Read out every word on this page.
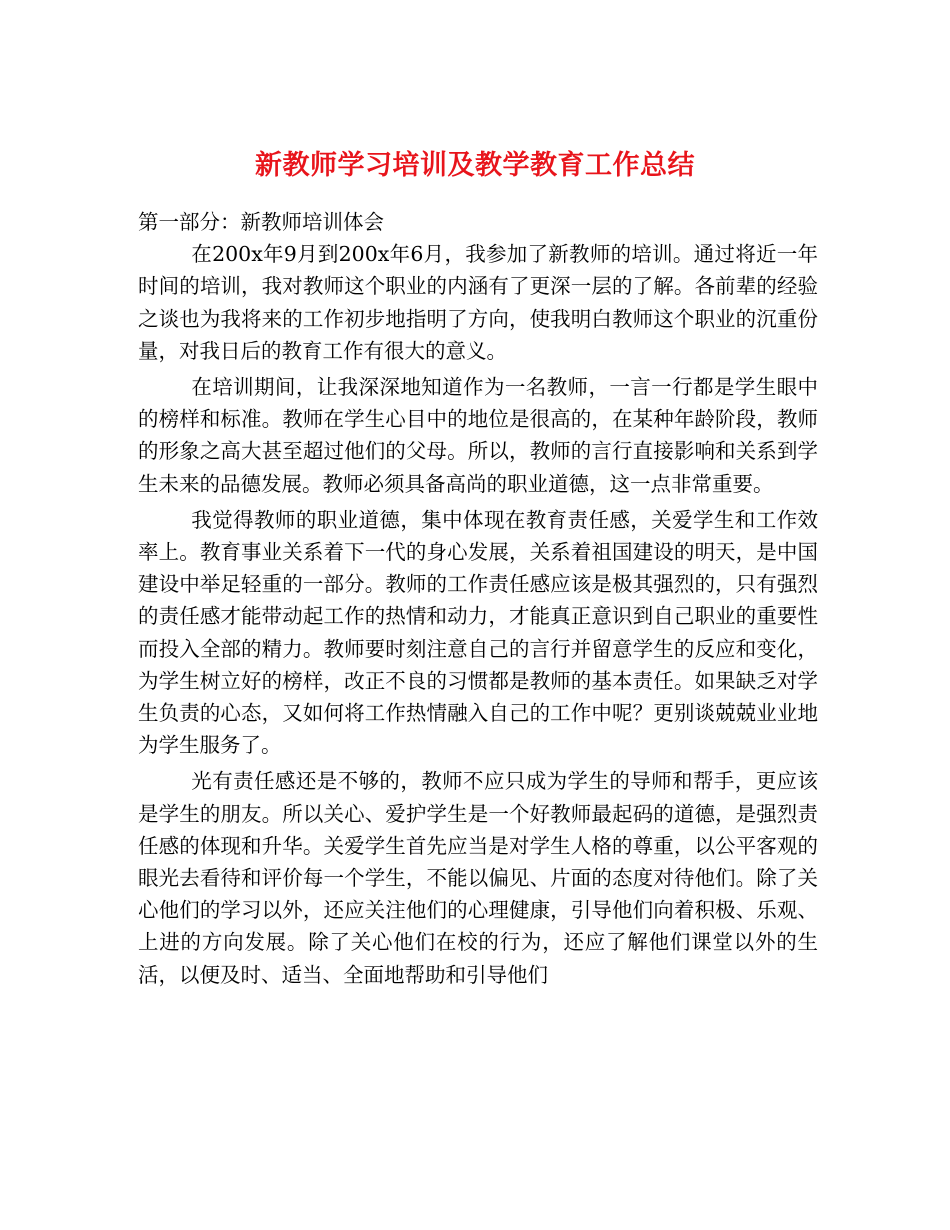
新教师学习培训及教学教育工作总结

第一部分：新教师培训体会

在200x年9月到200x年6月，我参加了新教师的培训。通过将近一年时间的培训，我对教师这个职业的内涵有了更深一层的了解。各前辈的经验之谈也为我将来的工作初步地指明了方向，使我明白教师这个职业的沉重份量，对我日后的教育工作有很大的意义。

在培训期间，让我深深地知道作为一名教师，一言一行都是学生眼中的榜样和标准。教师在学生心目中的地位是很高的，在某种年龄阶段，教师的形象之高大甚至超过他们的父母。所以，教师的言行直接影响和关系到学生未来的品德发展。教师必须具备高尚的职业道德，这一点非常重要。

我觉得教师的职业道德，集中体现在教育责任感，关爱学生和工作效率上。教育事业关系着下一代的身心发展，关系着祖国建设的明天，是中国建设中举足轻重的一部分。教师的工作责任感应该是极其强烈的，只有强烈的责任感才能带动起工作的热情和动力，才能真正意识到自己职业的重要性而投入全部的精力。教师要时刻注意自己的言行并留意学生的反应和变化，为学生树立好的榜样，改正不良的习惯都是教师的基本责任。如果缺乏对学生负责的心态，又如何将工作热情融入自己的工作中呢？更别谈兢兢业业地为学生服务了。

光有责任感还是不够的，教师不应只成为学生的导师和帮手，更应该是学生的朋友。所以关心、爱护学生是一个好教师最起码的道德，是强烈责任感的体现和升华。关爱学生首先应当是对学生人格的尊重，以公平客观的眼光去看待和评价每一个学生，不能以偏见、片面的态度对待他们。除了关心他们的学习以外，还应关注他们的心理健康，引导他们向着积极、乐观、上进的方向发展。除了关心他们在校的行为，还应了解他们课堂以外的生活，以便及时、适当、全面地帮助和引导他们
